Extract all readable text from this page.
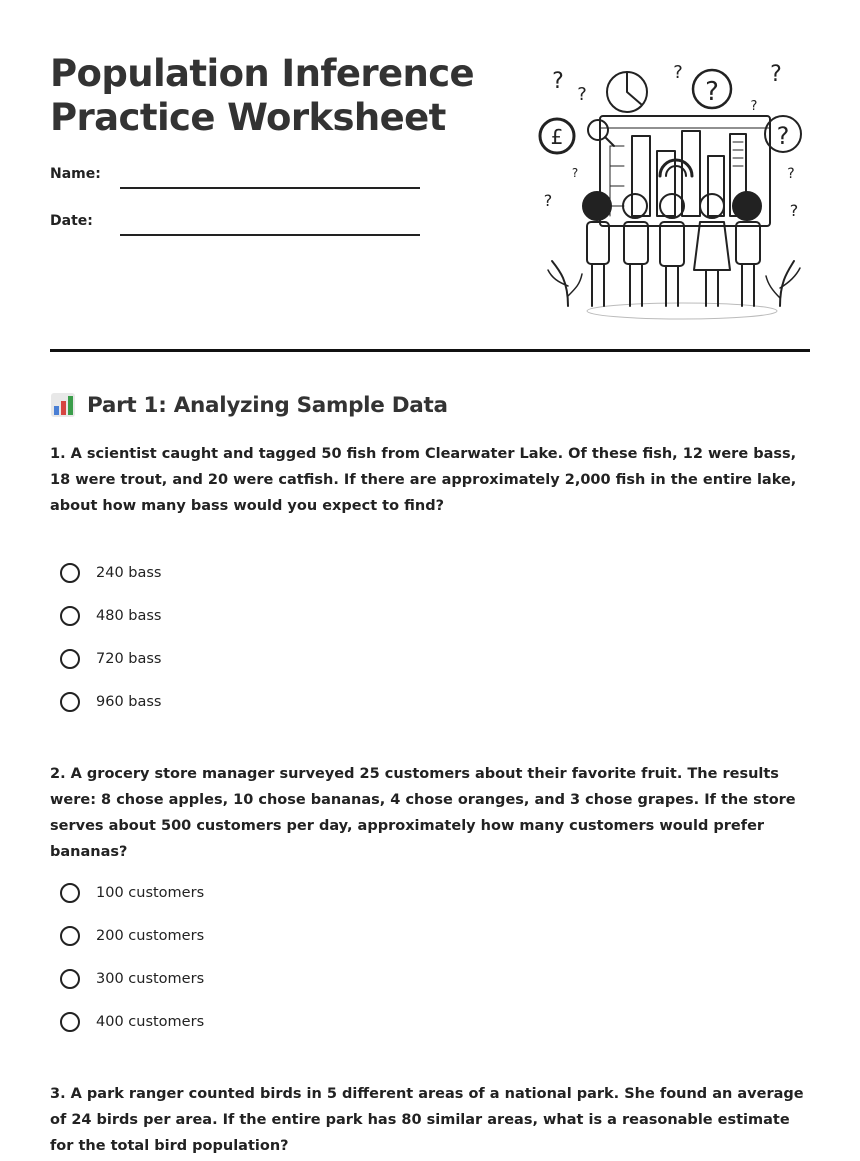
Population Inference
Practice Worksheet
Name:
Date:
£
?
?
?
?
?	?
?
?
?
?
?
Part 1: Analyzing Sample Data

1. A scientist caught and tagged 50 fish from Clearwater Lake. Of these fish, 12 were bass, 18 were trout, and 20 were catfish. If there are approximately 2,000 fish in the entire lake, about how many bass would you expect to find?

240 bass
480 bass
720 bass
960 bass

2. A grocery store manager surveyed 25 customers about their favorite fruit. The results were: 8 chose apples, 10 chose bananas, 4 chose oranges, and 3 chose grapes. If the store serves about 500 customers per day, approximately how many customers would prefer bananas?

100 customers
200 customers
300 customers
400 customers

3. A park ranger counted birds in 5 different areas of a national park. She found an average of 24 birds per area. If the entire park has 80 similar areas, what is a reasonable estimate for the total bird population?
